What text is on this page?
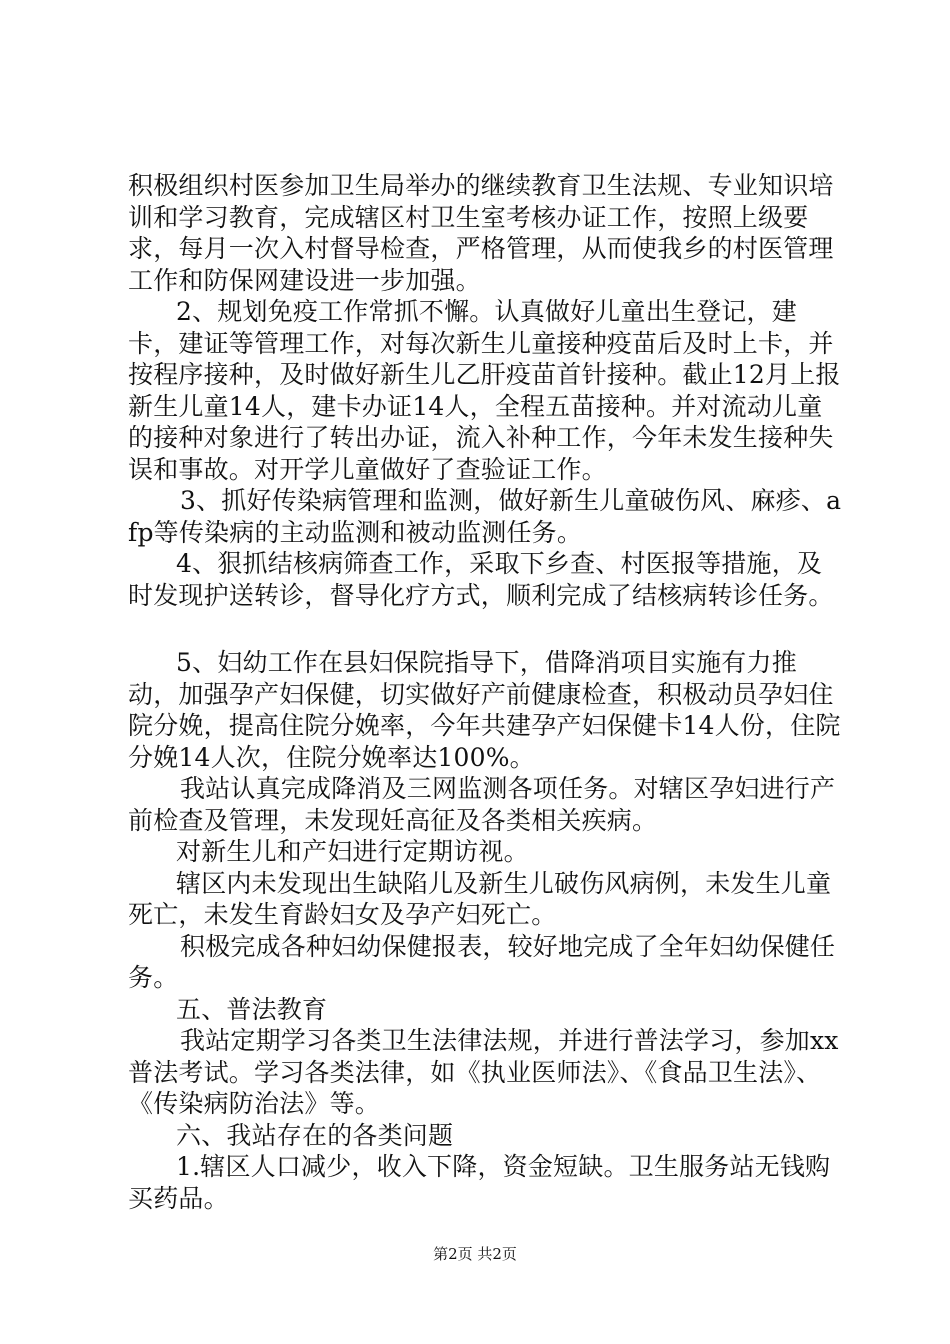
积极组织村医参加卫生局举办的继续教育卫生法规、专业知识培训和学习教育，完成辖区村卫生室考核办证工作，按照上级要求，每月一次入村督导检查，严格管理，从而使我乡的村医管理工作和防保网建设进一步加强。

2、规划免疫工作常抓不懈。认真做好儿童出生登记，建卡，建证等管理工作，对每次新生儿童接种疫苗后及时上卡，并按程序接种，及时做好新生儿乙肝疫苗首针接种。截止12月上报新生儿童14人，建卡办证14人，全程五苗接种。并对流动儿童的接种对象进行了转出办证，流入补种工作，今年未发生接种失误和事故。对开学儿童做好了查验证工作。

3、抓好传染病管理和监测，做好新生儿童破伤风、麻疹、afp等传染病的主动监测和被动监测任务。

4、狠抓结核病筛查工作，采取下乡查、村医报等措施，及时发现护送转诊，督导化疗方式，顺利完成了结核病转诊任务。

5、妇幼工作在县妇保院指导下，借降消项目实施有力推动，加强孕产妇保健，切实做好产前健康检查，积极动员孕妇住院分娩，提高住院分娩率，今年共建孕产妇保健卡14人份，住院分娩14人次，住院分娩率达100%。

我站认真完成降消及三网监测各项任务。对辖区孕妇进行产前检查及管理，未发现妊高征及各类相关疾病。

对新生儿和产妇进行定期访视。

辖区内未发现出生缺陷儿及新生儿破伤风病例，未发生儿童死亡，未发生育龄妇女及孕产妇死亡。

积极完成各种妇幼保健报表，较好地完成了全年妇幼保健任务。

五、普法教育

我站定期学习各类卫生法律法规，并进行普法学习，参加xx普法考试。学习各类法律，如《执业医师法》、《食品卫生法》、《传染病防治法》等。

六、我站存在的各类问题

1.辖区人口减少，收入下降，资金短缺。卫生服务站无钱购买药品。

第2页 共2页
